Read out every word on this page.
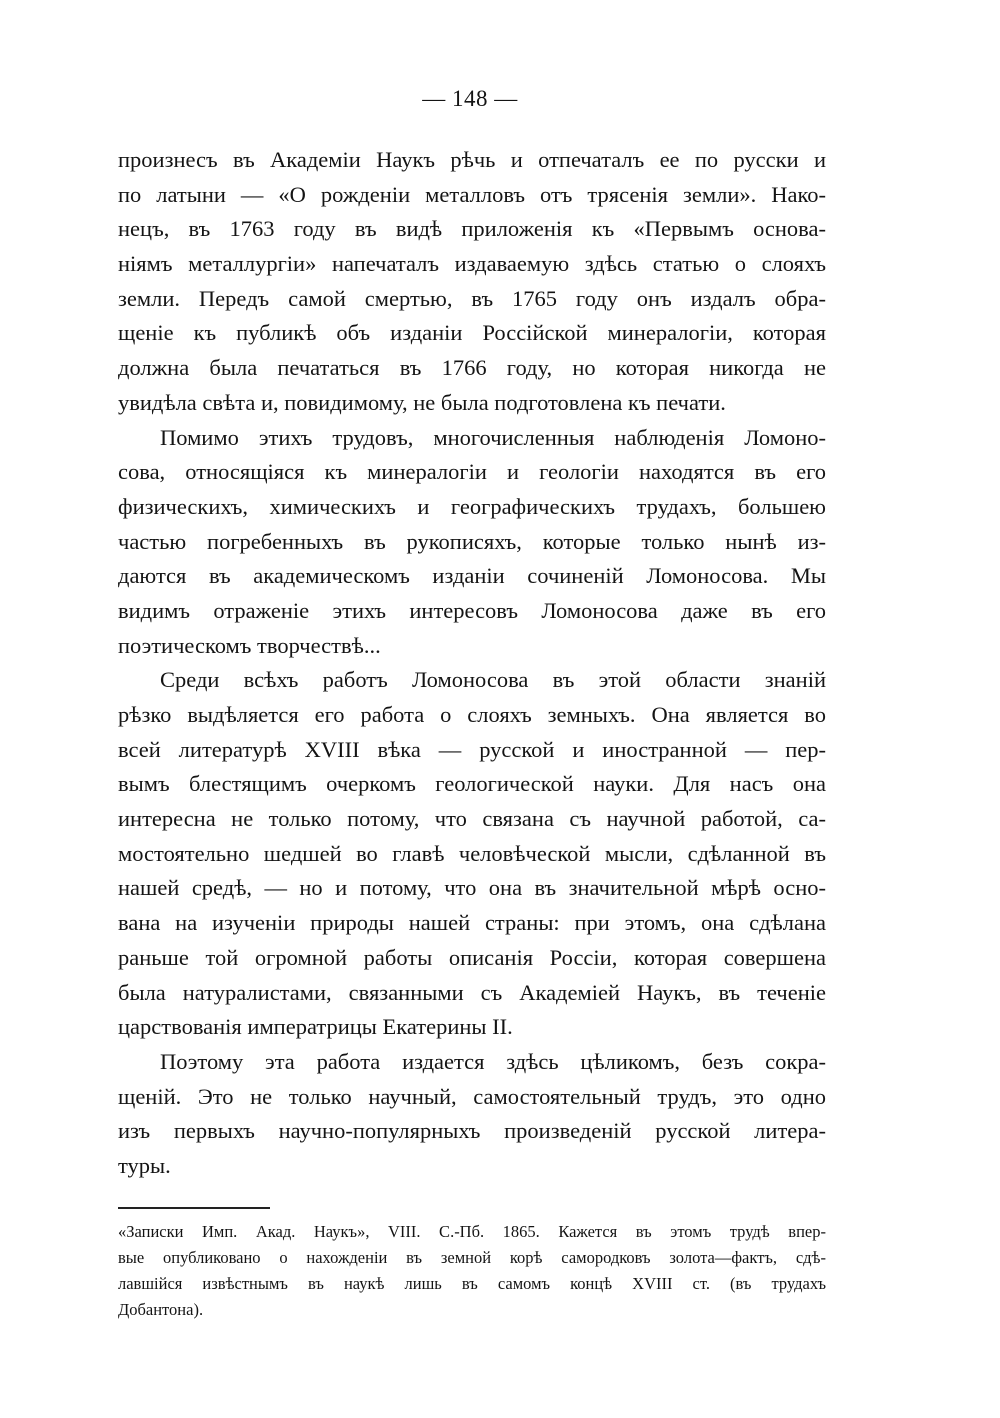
— 148 —
произнесъ въ Академіи Наукъ рѣчь и отпечаталъ ее по русски и
по латыни — «О рожденіи металловъ отъ трясенія земли». Нако-
нецъ, въ 1763 году въ видѣ приложенія къ «Первымъ основа-
ніямъ металлургіи» напечаталъ издаваемую здѣсь статью о слояхъ
земли. Передъ самой смертью, въ 1765 году онъ издалъ обра-
щеніе къ публикѣ объ изданіи Россійской минералогіи, которая
должна была печататься въ 1766 году, но которая никогда не
увидѣла свѣта и, повидимому, не была подготовлена къ печати.
Помимо этихъ трудовъ, многочисленныя наблюденія Ломоно-
сова, относящіяся къ минералогіи и геологіи находятся въ его
физическихъ, химическихъ и географическихъ трудахъ, большею
частью погребенныхъ въ рукописяхъ, которые только нынѣ из-
даются въ академическомъ изданіи сочиненій Ломоносова. Мы
видимъ отраженіе этихъ интересовъ Ломоносова даже въ его
поэтическомъ творчествѣ...
Среди всѣхъ работъ Ломоносова въ этой области знаній
рѣзко выдѣляется его работа о слояхъ земныхъ. Она является во
всей литературѣ XVIII вѣка — русской и иностранной — пер-
вымъ блестящимъ очеркомъ геологической науки. Для насъ она
интересна не только потому, что связана съ научной работой, са-
мостоятельно шедшей во главѣ человѣческой мысли, сдѣланной въ
нашей средѣ, — но и потому, что она въ значительной мѣрѣ осно-
вана на изученіи природы нашей страны: при этомъ, она сдѣлана
раньше той огромной работы описанія Россіи, которая совершена
была натуралистами, связанными съ Академіей Наукъ, въ теченіе
царствованія императрицы Екатерины II.
Поэтому эта работа издается здѣсь цѣликомъ, безъ сокра-
щеній. Это не только научный, самостоятельный трудъ, это одно
изъ первыхъ научно-популярныхъ произведеній русской литера-
туры.
«Записки Имп. Акад. Наукъ», VIII. С.-Пб. 1865. Кажется въ этомъ трудѣ впер-
вые опубликовано о нахожденіи въ земной корѣ самородковъ золота—фактъ, сдѣ-
лавшійся извѣстнымъ въ наукѣ лишь въ самомъ концѣ XVIII ст. (въ трудахъ
Добантона).
